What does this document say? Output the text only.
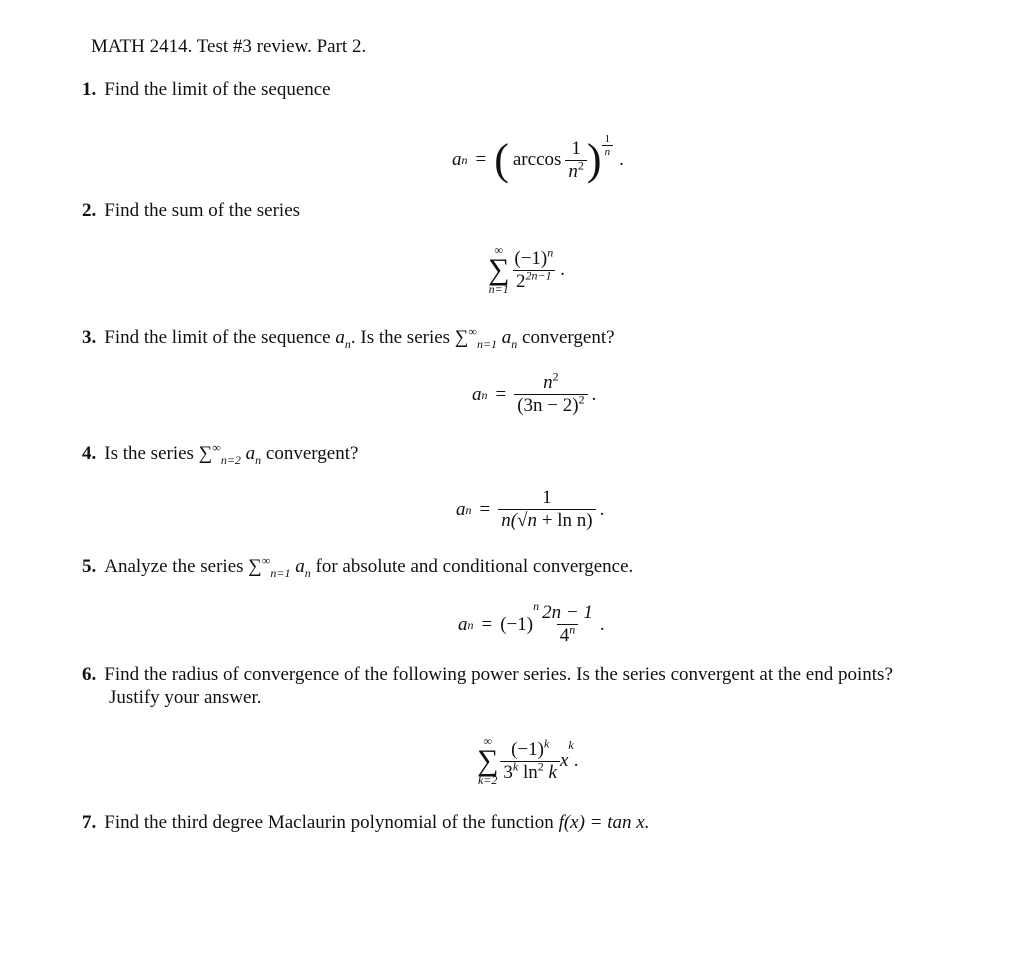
MATH 2414. Test #3 review. Part 2.
1. Find the limit of the sequence
a n = ( $\arccos \frac{1}{n^2}$ ) $\frac{1}{n}$
.
2. Find the sum of the series
∞
∑
$n=1 \frac{(-1)^n}{2^{2n-1}}$ .
3. Find the limit of the sequence $a_n$. Is the series $\sum^\infty_{n=1}$ $a_n$ convergent?
a $n = \frac{n^2}{(3n - 2)^2}$ .
4. Is the series $\sum^\infty_{n=2}$ $a_n$ convergent?
a $n = \frac{1}{\text{n(√n + ln n)}}$ .
5. Analyze the series $\sum^\infty_{n=1}$ $a_n$ for absolute and conditional convergence.
a n = (−1)
n $\frac{2n - 1}{4^n}$ .
6. Find the radius of convergence of the following power series. Is the series convergent at the end points?
Justify your answer.
∞
∑
$k=2 \frac{(-1)^k}{3^k \ln^2 k}$ x
k
.
7. Find the third degree Maclaurin polynomial of the function f(x) = tan x.
